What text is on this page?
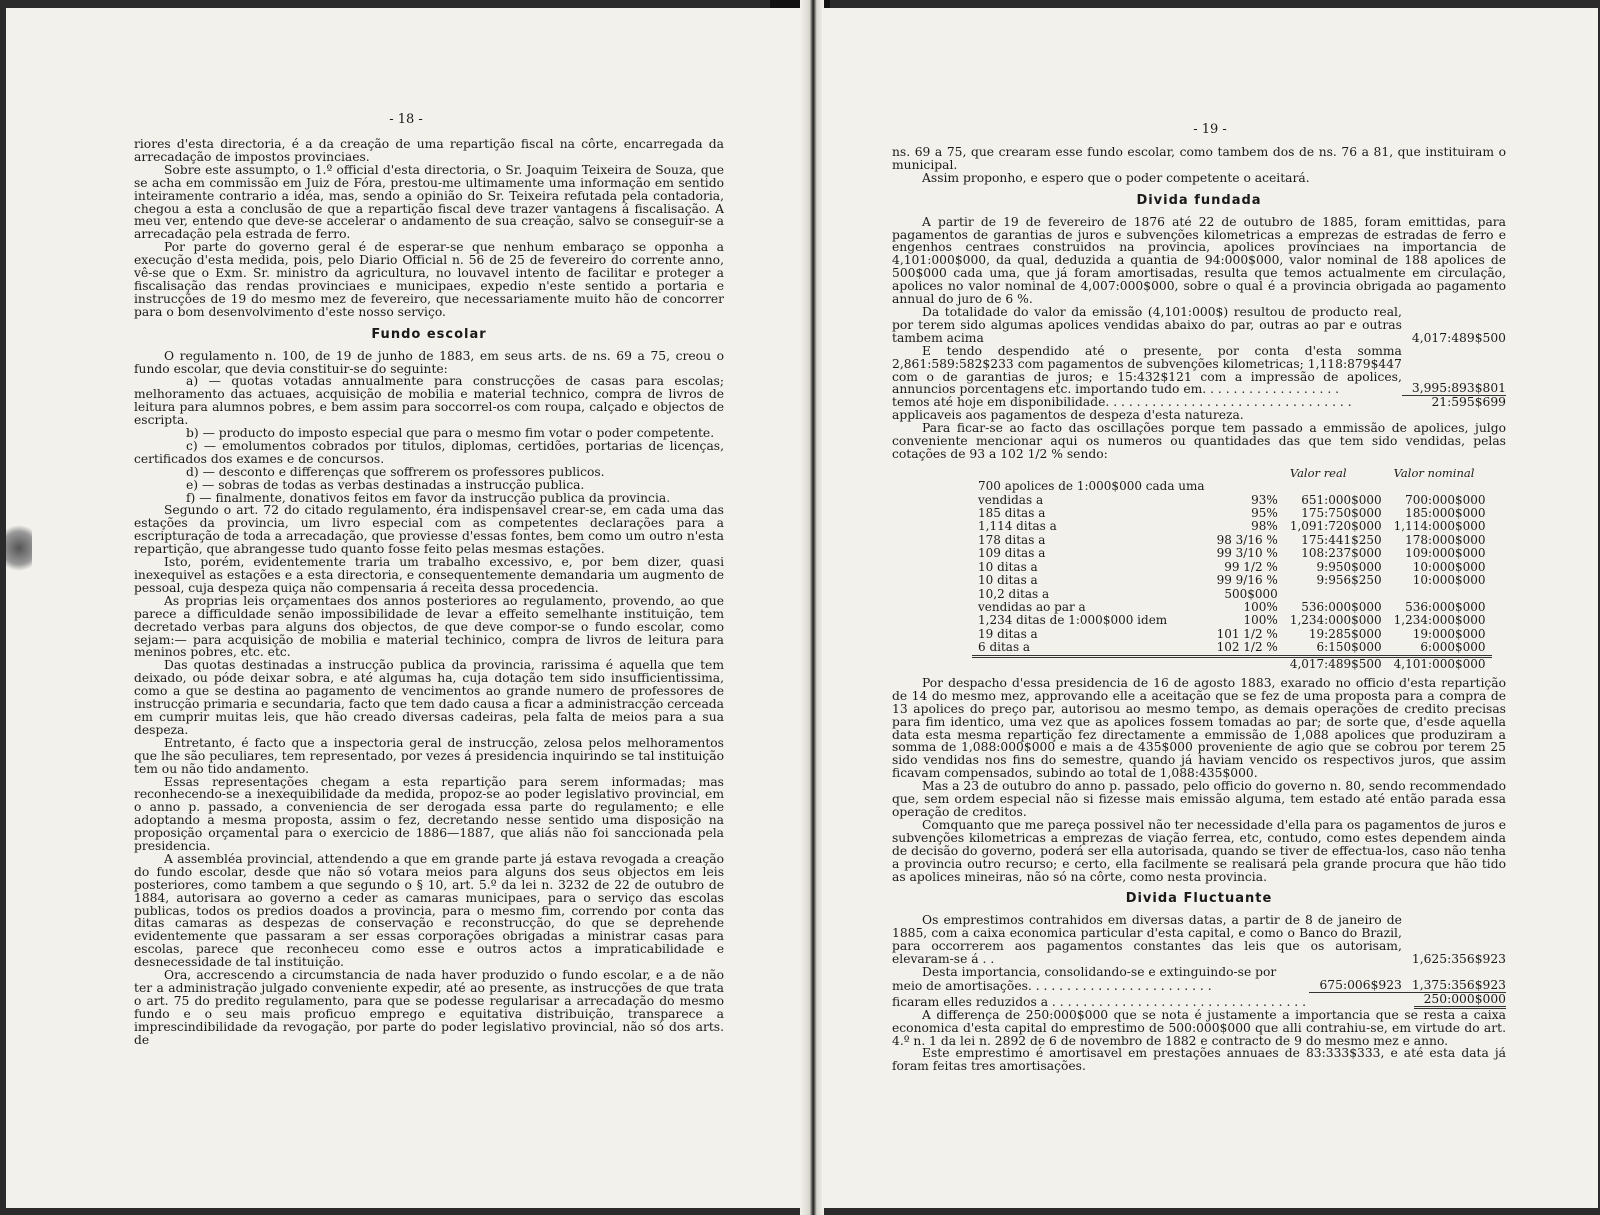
- 18 -

riores d'esta directoria, é a da creação de uma repartição fiscal na côrte, encarregada da arrecadação de impostos provinciaes.

Sobre este assumpto, o 1.º official d'esta directoria, o Sr. Joaquim Teixeira de Souza, que se acha em commissão em Juiz de Fóra, prestou-me ultimamente uma informação em sentido inteiramente contrario a idéa, mas, sendo a opinião do Sr. Teixeira refutada pela contadoria, chegou a esta a conclusão de que a repartição fiscal deve trazer vantagens á fiscalisação. A meu ver, entendo que deve-se accelerar o andamento de sua creação, salvo se conseguir-se a arrecadação pela estrada de ferro.

Por parte do governo geral é de esperar-se que nenhum embaraço se opponha a execução d'esta medida, pois, pelo Diario Official n. 56 de 25 de fevereiro do corrente anno, vê-se que o Exm. Sr. ministro da agricultura, no louvavel intento de facilitar e proteger a fiscalisação das rendas provinciaes e municipaes, expedio n'este sentido a portaria e instrucções de 19 do mesmo mez de fevereiro, que necessariamente muito hão de concorrer para o bom desenvolvimento d'este nosso serviço.

Fundo escolar

O regulamento n. 100, de 19 de junho de 1883, em seus arts. de ns. 69 a 75, creou o fundo escolar, que devia constituir-se do seguinte:

a) — quotas votadas annualmente para construcções de casas para escolas; melhoramento das actuaes, acquisição de mobilia e material technico, compra de livros de leitura para alumnos pobres, e bem assim para soccorrel-os com roupa, calçado e objectos de escripta.

b) — producto do imposto especial que para o mesmo fim votar o poder competente.

c) — emolumentos cobrados por titulos, diplomas, certidões, portarias de licenças, certificados dos exames e de concursos.

d) — desconto e differenças que soffrerem os professores publicos.

e) — sobras de todas as verbas destinadas a instrucção publica.

f) — finalmente, donativos feitos em favor da instrucção publica da provincia.

Segundo o art. 72 do citado regulamento, éra indispensavel crear-se, em cada uma das estações da provincia, um livro especial com as competentes declarações para a escripturação de toda a arrecadação, que proviesse d'essas fontes, bem como um outro n'esta repartição, que abrangesse tudo quanto fosse feito pelas mesmas estações.

Isto, porém, evidentemente traria um trabalho excessivo, e, por bem dizer, quasi inexequivel as estações e a esta directoria, e consequentemente demandaria um augmento de pessoal, cuja despeza quiça não compensaria á receita dessa procedencia.

As proprias leis orçamentaes dos annos posteriores ao regulamento, provendo, ao que parece a difficuldade senão impossibilidade de levar a effeito semelhante instituição, tem decretado verbas para alguns dos objectos, de que deve compor-se o fundo escolar, como sejam:— para acquisição de mobilia e material techinico, compra de livros de leitura para meninos pobres, etc. etc.

Das quotas destinadas a instrucção publica da provincia, rarissima é aquella que tem deixado, ou póde deixar sobra, e até algumas ha, cuja dotação tem sido insufficientissima, como a que se destina ao pagamento de vencimentos ao grande numero de professores de instrucção primaria e secundaria, facto que tem dado causa a ficar a administracção cerceada em cumprir muitas leis, que hão creado diversas cadeiras, pela falta de meios para a sua despeza.

Entretanto, é facto que a inspectoria geral de instrucção, zelosa pelos melhoramentos que lhe são peculiares, tem representado, por vezes á presidencia inquirindo se tal instituição tem ou não tido andamento.

Essas representações chegam a esta repartição para serem informadas; mas reconhecendo-se a inexequibilidade da medida, propoz-se ao poder legislativo provincial, em o anno p. passado, a conveniencia de ser derogada essa parte do regulamento; e elle adoptando a mesma proposta, assim o fez, decretando nesse sentido uma disposição na proposição orçamental para o exercicio de 1886—1887, que aliás não foi sanccionada pela presidencia.

A assembléa provincial, attendendo a que em grande parte já estava revogada a creação do fundo escolar, desde que não só votara meios para alguns dos seus objectos em leis posteriores, como tambem a que segundo o § 10, art. 5.º da lei n. 3232 de 22 de outubro de 1884, autorisara ao governo a ceder as camaras municipaes, para o serviço das escolas publicas, todos os predios doados a provincia, para o mesmo fim, correndo por conta das ditas camaras as despezas de conservação e reconstrucção, do que se deprehende evidentemente que passaram a ser essas corporações obrigadas a ministrar casas para escolas, parece que reconheceu como esse e outros actos a impraticabilidade e desnecessidade de tal instituição.

Ora, accrescendo a circumstancia de nada haver produzido o fundo escolar, e a de não ter a administração julgado conveniente expedir, até ao presente, as instrucções de que trata o art. 75 do predito regulamento, para que se podesse regularisar a arrecadação do mesmo fundo e o seu mais proficuo emprego e equitativa distribuição, transparece a imprescindibilidade da revogação, por parte do poder legislativo provincial, não só dos arts. de

- 19 -

ns. 69 a 75, que crearam esse fundo escolar, como tambem dos de ns. 76 a 81, que instituiram o municipal.

Assim proponho, e espero que o poder competente o aceitará.

Divida fundada

A partir de 19 de fevereiro de 1876 até 22 de outubro de 1885, foram emittidas, para pagamentos de garantias de juros e subvenções kilometricas a emprezas de estradas de ferro e engenhos centraes construidos na provincia, apolices provinciaes na importancia de 4,101:000$000, da qual, deduzida a quantia de 94:000$000, valor nominal de 188 apolices de 500$000 cada uma, que já foram amortisadas, resulta que temos actualmente em circulação, apolices no valor nominal de 4,007:000$000, sobre o qual é a provincia obrigada ao pagamento annual do juro de 6 %.

Da totalidade do valor da emissão (4,101:000$) resultou de producto real, por terem sido algumas apolices vendidas abaixo do par, outras ao par e outras tambem acima	4,017:489$500

E tendo despendido até o presente, por conta d'esta somma 2,861:589:582$233 com pagamentos de subvenções kilometricas; 1,118:879$447 com o de garantias de juros; e 15:432$121 com a impressão de apolices, annuncios porcentagens etc. importando tudo em. . . . . . . . . . . . . . . . . .	3,995:893$801

temos até hoje em disponibilidade. . . . . . . . . . . . . . . . . . . . . . . . . . . . . . . .	21:595$699

applicaveis aos pagamentos de despeza d'esta natureza.

Para ficar-se ao facto das oscillações porque tem passado a emmissão de apolices, julgo conveniente mencionar aqui os numeros ou quantidades das que tem sido vendidas, pelas cotações de 93 a 102 1/2 % sendo:

		Valor real	Valor nominal
700 apolices de 1:000$000 cada uma			
vendidas a	93%	651:000$000	700:000$000
185 ditas a	95%	175:750$000	185:000$000
1,114 ditas a	98%	1,091:720$000	1,114:000$000
178 ditas a	98 3/16 %	175:441$250	178:000$000
109 ditas a	99 3/10 %	108:237$000	109:000$000
10 ditas a	99 1/2 %	9:950$000	10:000$000
10 ditas a	99 9/16 %	9:956$250	10:000$000
10,2 ditas a	500$000		
vendidas ao par a	100%	536:000$000	536:000$000
1,234 ditas de 1:000$000 idem	100%	1,234:000$000	1,234:000$000
19 ditas a	101 1/2 %	19:285$000	19:000$000
6 ditas a	102 1/2 %	6:150$000	6:000$000
		4,017:489$500	4,101:000$000

Por despacho d'essa presidencia de 16 de agosto 1883, exarado no officio d'esta repartição de 14 do mesmo mez, approvando elle a aceitação que se fez de uma proposta para a compra de 13 apolices do preço par, autorisou ao mesmo tempo, as demais operações de credito precisas para fim identico, uma vez que as apolices fossem tomadas ao par; de sorte que, d'esde aquella data esta mesma repartição fez directamente a emmissão de 1,088 apolices que produziram a somma de 1,088:000$000 e mais a de 435$000 proveniente de agio que se cobrou por terem 25 sido vendidas nos fins do semestre, quando já haviam vencido os respectivos juros, que assim ficavam compensados, subindo ao total de 1,088:435$000.

Mas a 23 de outubro do anno p. passado, pelo officio do governo n. 80, sendo recommendado que, sem ordem especial não si fizesse mais emissão alguma, tem estado até então parada essa operação de creditos.

Comquanto que me pareça possivel não ter necessidade d'ella para os pagamentos de juros e subvenções kilometricas a emprezas de viação ferrea, etc, contudo, como estes dependem ainda de decisão do governo, poderá ser ella autorisada, quando se tiver de effectua-los, caso não tenha a provincia outro recurso; e certo, ella facilmente se realisará pela grande procura que hão tido as apolices mineiras, não só na côrte, como nesta provincia.

Divida Fluctuante

Os emprestimos contrahidos em diversas datas, a partir de 8 de janeiro de 1885, com a caixa economica particular d'esta capital, e como o Banco do Brazil, para occorrerem aos pagamentos constantes das leis que os autorisam, elevaram-se á . .	1,625:356$923

Desta importancia, consolidando-se e extinguindo-se por

meio de amortisações. . . . . . . . . . . . . . . . . . . . . . . .	675:006$923 1,375:356$923

ficaram elles reduzidos a . . . . . . . . . . . . . . . . . . . . . . . . . . . . . . . . .	250:000$000

A differença de 250:000$000 que se nota é justamente a importancia que se resta a caixa economica d'esta capital do emprestimo de 500:000$000 que alli contrahiu-se, em virtude do art. 4.º n. 1 da lei n. 2892 de 6 de novembro de 1882 e contracto de 9 do mesmo mez e anno.

Este emprestimo é amortisavel em prestações annuaes de 83:333$333, e até esta data já foram feitas tres amortisações.
